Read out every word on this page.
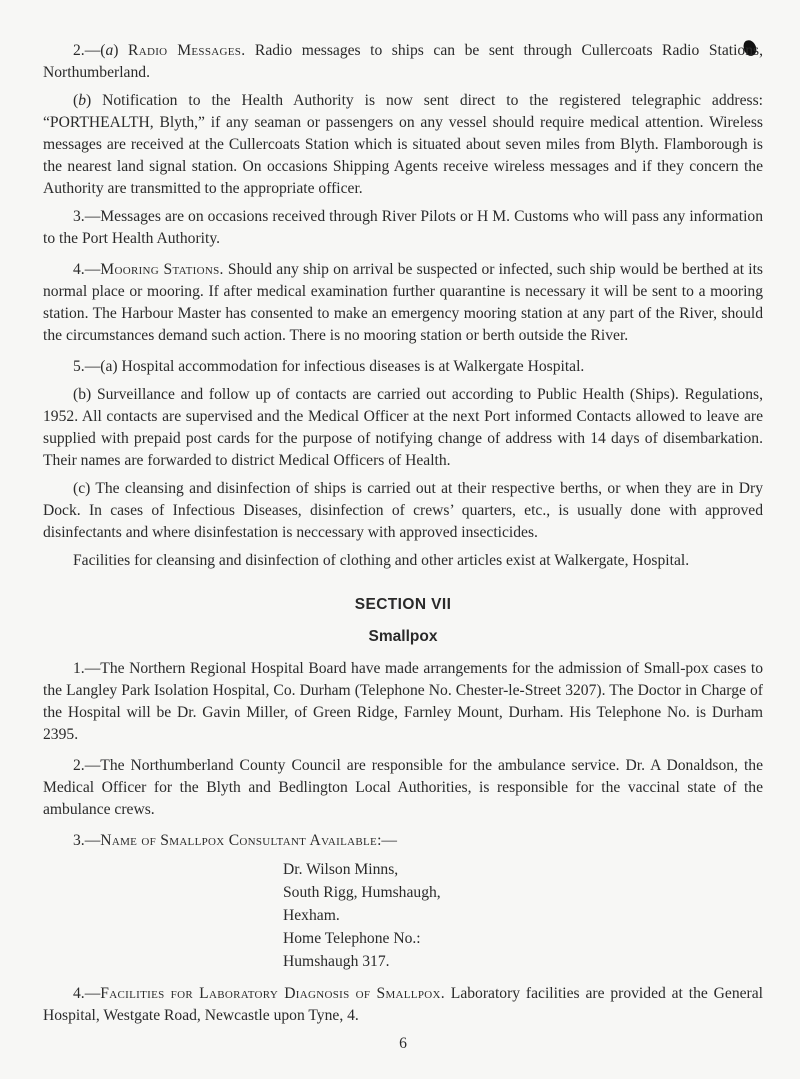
2.—(a) Radio Messages. Radio messages to ships can be sent through Cullercoats Radio Stations, Northumberland.

(b) Notification to the Health Authority is now sent direct to the registered telegraphic address: “PORTHEALTH, Blyth,” if any seaman or passengers on any vessel should require medical attention. Wireless messages are received at the Cullercoats Station which is situated about seven miles from Blyth. Flamborough is the nearest land signal station. On occasions Shipping Agents receive wireless messages and if they concern the Authority are transmitted to the appropriate officer.

3.—Messages are on occasions received through River Pilots or H M. Customs who will pass any information to the Port Health Authority.

4.—Mooring Stations. Should any ship on arrival be suspected or infected, such ship would be berthed at its normal place or mooring. If after medical examination further quarantine is necessary it will be sent to a mooring station. The Harbour Master has consented to make an emergency mooring station at any part of the River, should the circumstances demand such action. There is no mooring station or berth outside the River.

5.—(a) Hospital accommodation for infectious diseases is at Walkergate Hospital.

(b) Surveillance and follow up of contacts are carried out according to Public Health (Ships). Regulations, 1952. All contacts are supervised and the Medical Officer at the next Port informed Contacts allowed to leave are supplied with prepaid post cards for the purpose of notifying change of address with 14 days of disembarkation. Their names are forwarded to district Medical Officers of Health.

(c) The cleansing and disinfection of ships is carried out at their respective berths, or when they are in Dry Dock. In cases of Infectious Diseases, disinfection of crews’ quarters, etc., is usually done with approved disinfectants and where disinfestation is neccessary with approved insecticides.

Facilities for cleansing and disinfection of clothing and other articles exist at Walkergate, Hospital.

SECTION VII
Smallpox

1.—The Northern Regional Hospital Board have made arrangements for the admission of Small-pox cases to the Langley Park Isolation Hospital, Co. Durham (Telephone No. Chester-le-Street 3207). The Doctor in Charge of the Hospital will be Dr. Gavin Miller, of Green Ridge, Farnley Mount, Durham. His Telephone No. is Durham 2395.

2.—The Northumberland County Council are responsible for the ambulance service. Dr. A Donaldson, the Medical Officer for the Blyth and Bedlington Local Authorities, is responsible for the vaccinal state of the ambulance crews.

3.—Name of Smallpox Consultant Available:—

Dr. Wilson Minns,
South Rigg, Humshaugh,
Hexham.
Home Telephone No.:
Humshaugh 317.

4.—Facilities for Laboratory Diagnosis of Smallpox. Laboratory facilities are provided at the General Hospital, Westgate Road, Newcastle upon Tyne, 4.

6
